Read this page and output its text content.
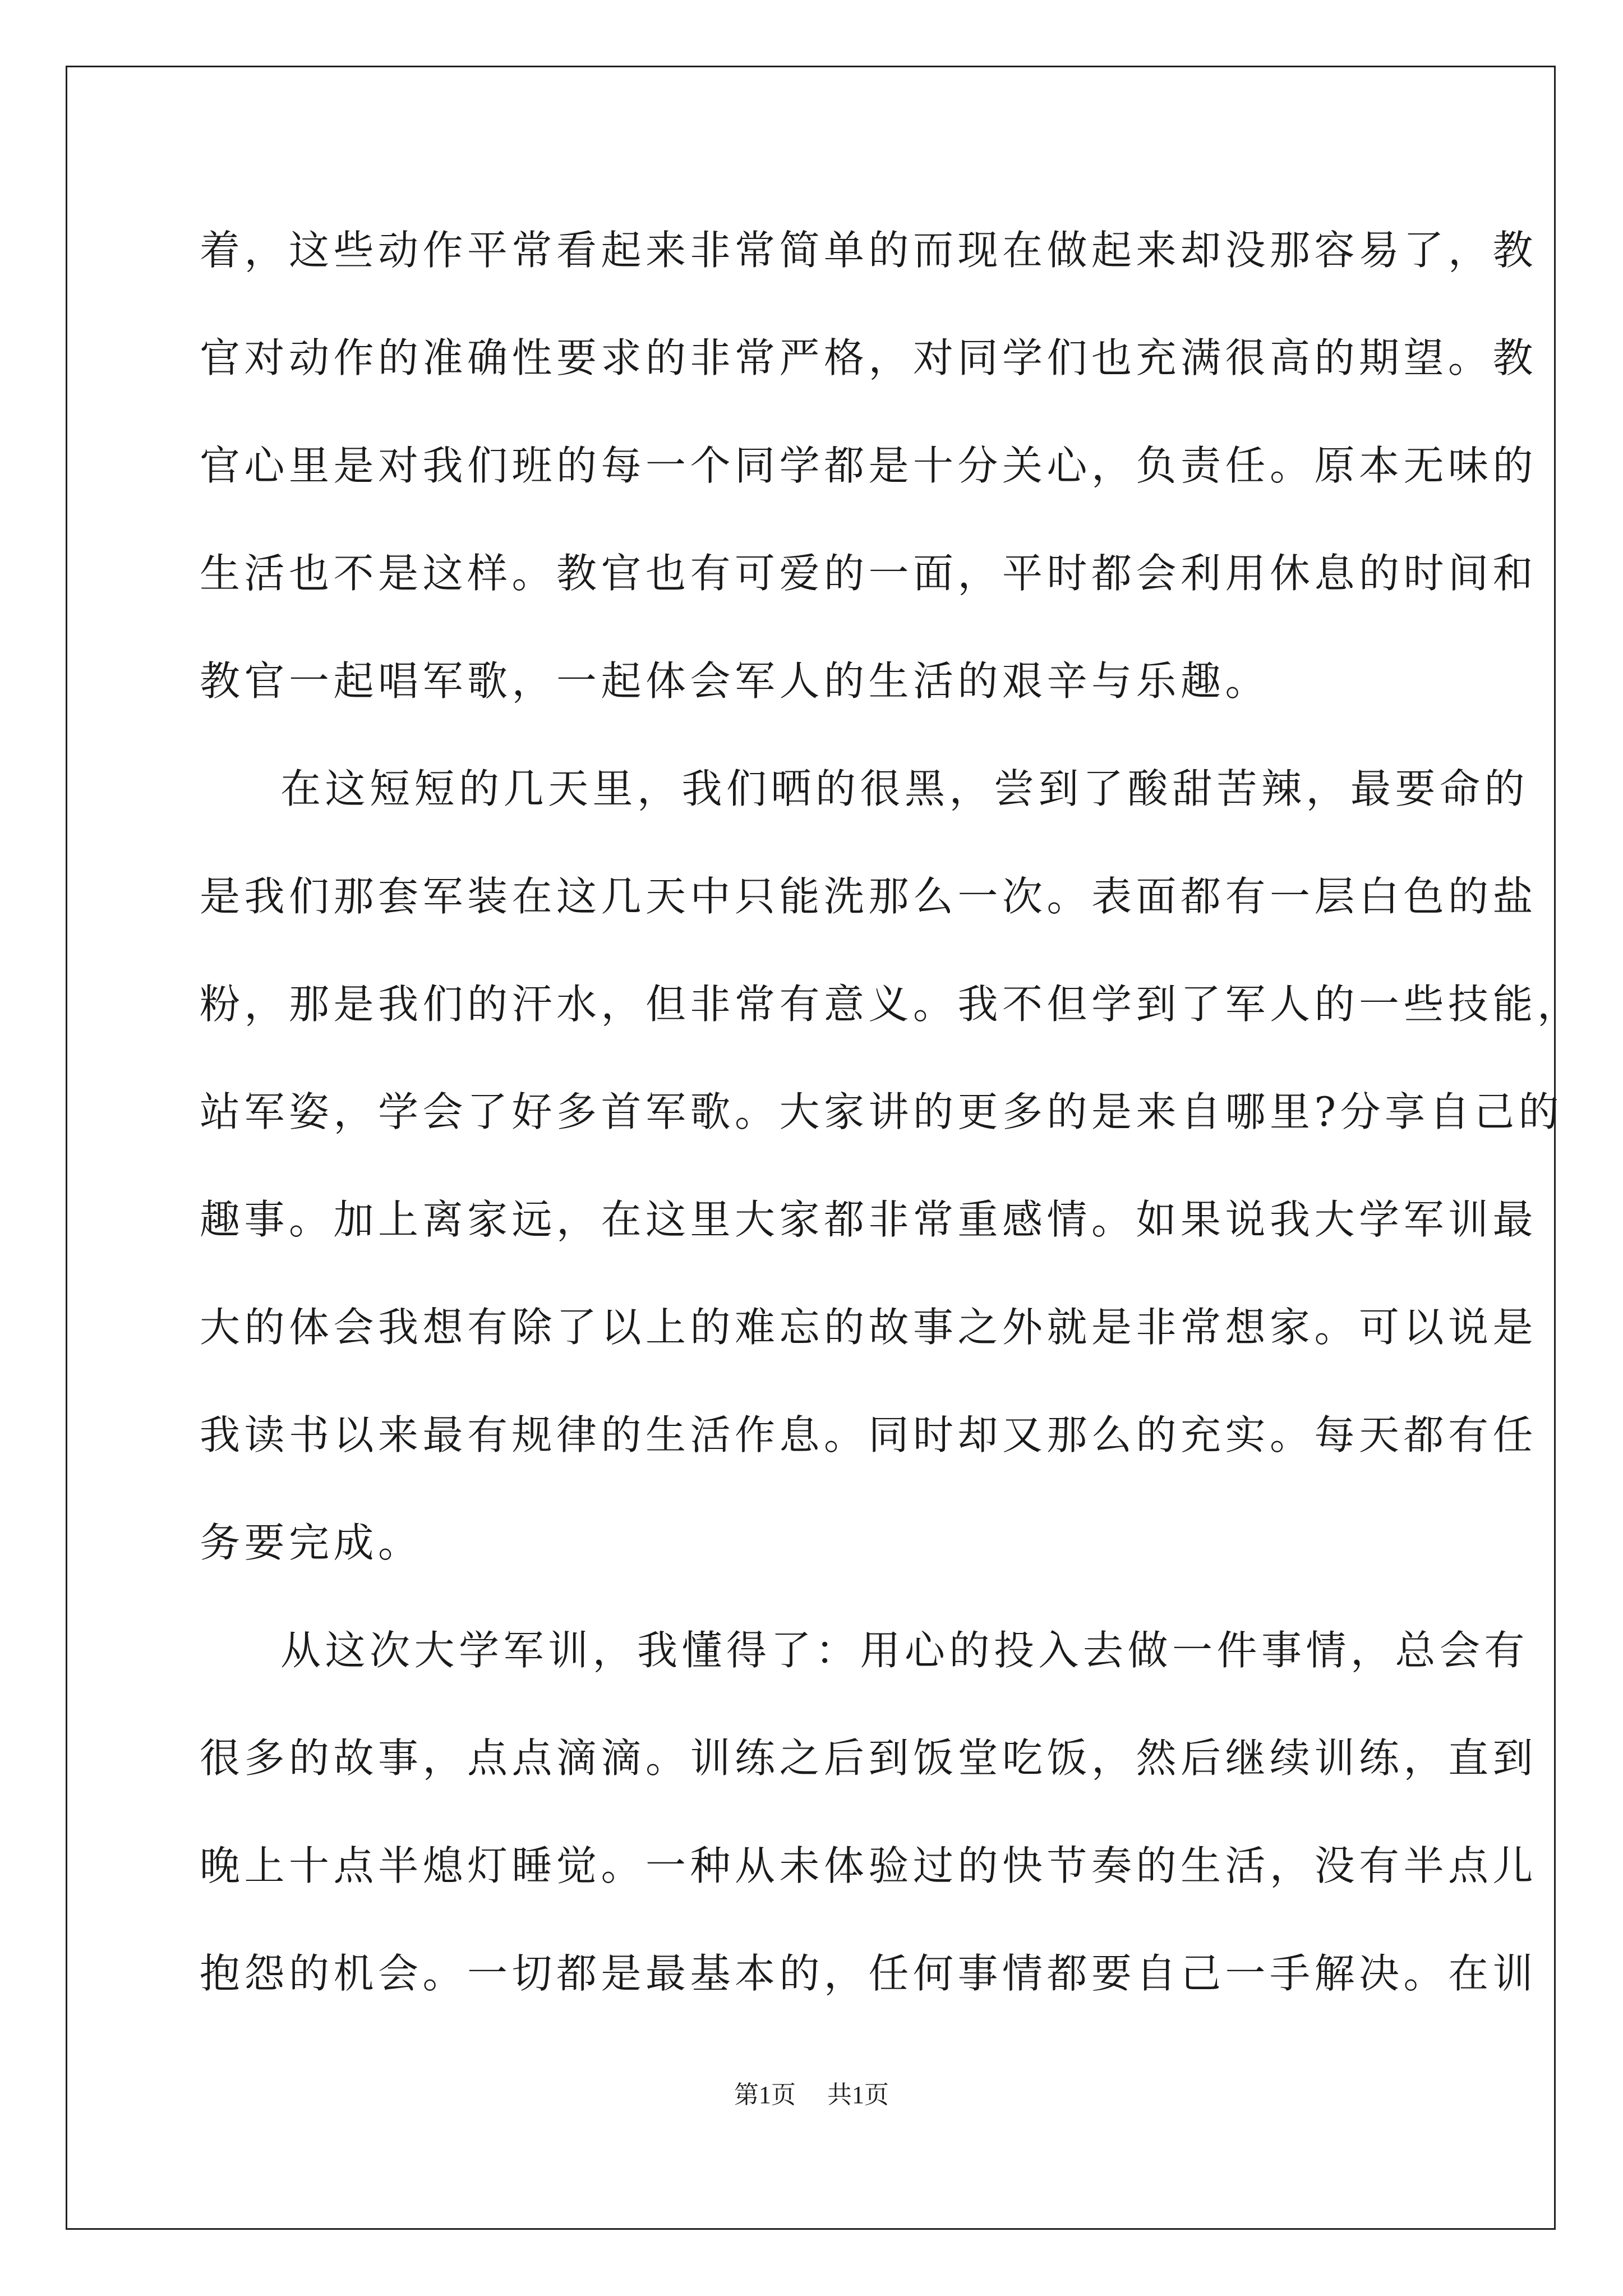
着，这些动作平常看起来非常简单的而现在做起来却没那容易了，教
官对动作的准确性要求的非常严格，对同学们也充满很高的期望。教
官心里是对我们班的每一个同学都是十分关心，负责任。原本无味的
生活也不是这样。教官也有可爱的一面，平时都会利用休息的时间和
教官一起唱军歌，一起体会军人的生活的艰辛与乐趣。
在这短短的几天里，我们晒的很黑，尝到了酸甜苦辣，最要命的
是我们那套军装在这几天中只能洗那么一次。表面都有一层白色的盐
粉，那是我们的汗水，但非常有意义。我不但学到了军人的一些技能，
站军姿，学会了好多首军歌。大家讲的更多的是来自哪里?分享自己的
趣事。加上离家远，在这里大家都非常重感情。如果说我大学军训最
大的体会我想有除了以上的难忘的故事之外就是非常想家。可以说是
我读书以来最有规律的生活作息。同时却又那么的充实。每天都有任
务要完成。
从这次大学军训，我懂得了：用心的投入去做一件事情，总会有
很多的故事，点点滴滴。训练之后到饭堂吃饭，然后继续训练，直到
晚上十点半熄灯睡觉。一种从未体验过的快节奏的生活，没有半点儿
抱怨的机会。一切都是最基本的，任何事情都要自己一手解决。在训
第1页 共1页
